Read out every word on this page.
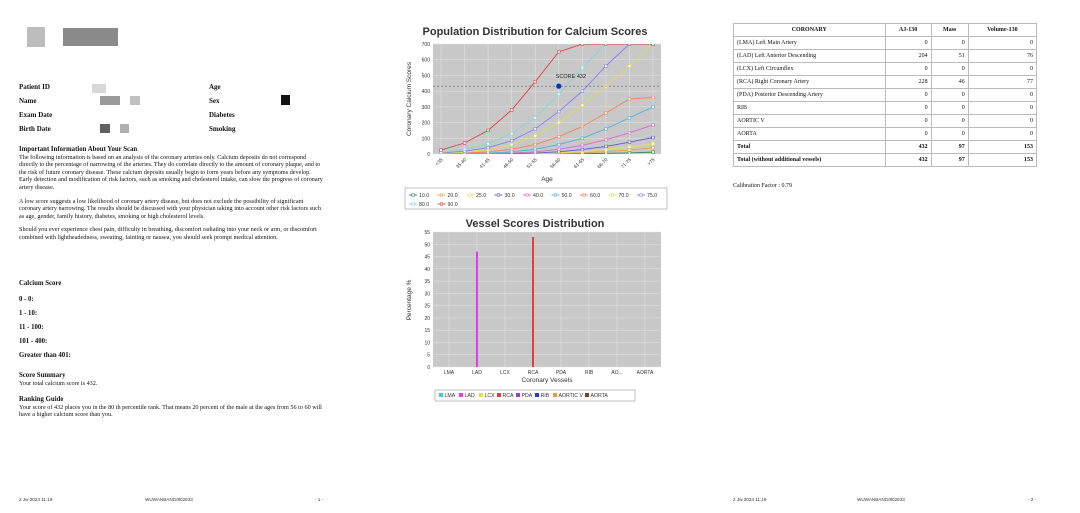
Patient ID
Name
Exam Date
Birth Date
Age
Sex
Diabetes
Smoking
Important Information About Your Scan

The following information is based on an analysis of the coronary arteries only. Calcium deposits do not correspond directly to the percentage of narrowing of the arteries. They do correlate directly to the amount of coronary plaque, and to the risk of future coronary disease. These calcium deposits usually begin to form years before any symptoms develop. Early detection and modification of risk factors, such as smoking and cholesterol intake, can slow the progress of coronary artery disease.

A low score suggests a low likelihood of coronary artery disease, but does not exclude the possibility of significant coronary artery narrowing. The results should be discussed with your physician taking into account other risk factors such as age, gender, family history, diabetes, smoking or high cholesterol levels.

Should you ever experience chest pain, difficulty in breathing, discomfort radiating into your neck or arm, or discomfort combined with lightheadedness, sweating, fainting or nausea, you should seek prompt medical attention.

Calcium Score
0 - 0:
1 - 10:
11 - 100:
101 - 400:
Greater than 401:
Score Summary
Your total calcium score is 432.
Ranking Guide
Your score of 432 places you in the 80 th percentile rank. That means 20 percent of the male at the ages from 56 to 60 will have a higher calcium score than you.
2 Jw 2024 11:19	WUWANBANG/802633	- 1 -
Population Distribution for Calcium Scores
0
100
200
300
400
500
600
700
<35 35-40 41-45 46-50 51-55 56-60 61-65 66-70 71-75	>75
SCORE 432
Age
Coronary Calcium Scores
10.0	20.0	25.0	30.0	40.0	50.0	60.0	70.0	75.0
80.0	90.0
Vessel Scores Distribution
0
5
10
15
20
25
30
35
40
45
50
55
LMA	LAD	LCX	RCA	PDA	RIB	AO...	AORTA
Coronary Vessels
Percentage %
LMA LAD LCX RCA PDA RIB AORTIC V AORTA
CORONARY	AJ-130	Mass	Volume-130
(LMA) Left Main Artery	0	0	0
(LAD) Left Anterior Descending	204	51	76
(LCX) Left Circumflex	0	0	0
(RCA) Right Coronary Artery	228	46	77
(PDA) Posterior Descending Artery	0	0	0
RIB	0	0	0
AORTIC V	0	0	0
AORTA	0	0	0
Total	432	97	153
Total (without additional vessels)	432	97	153
Calibration Factor : 0.79
2 Jw 2024 11:19	WUWANBANG/802633	- 2 -
